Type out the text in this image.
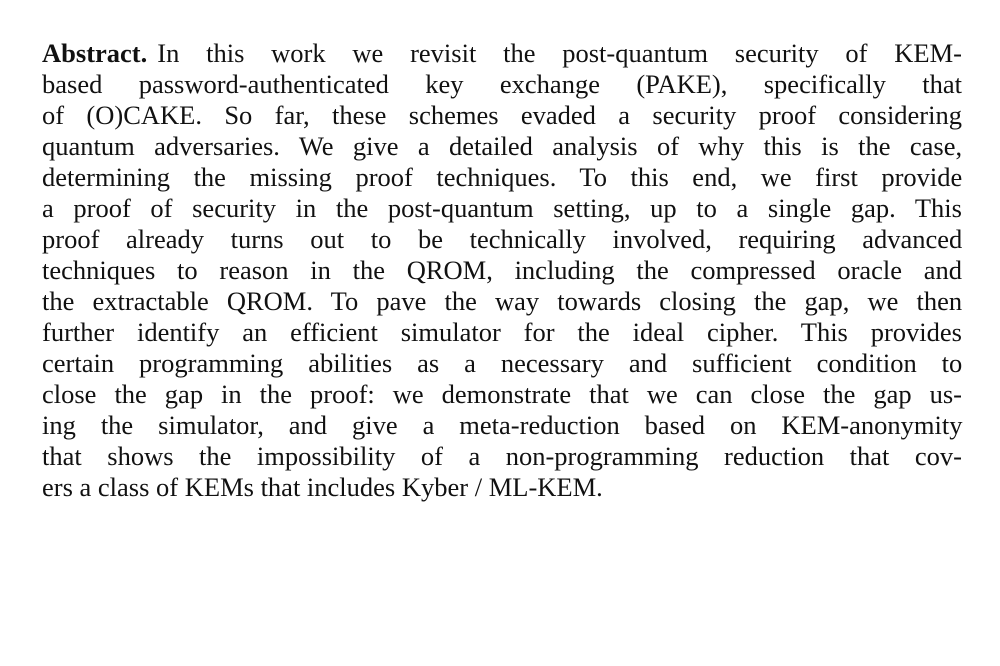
Abstract. In this work we revisit the post-quantum security of KEM-
based password-authenticated key exchange (PAKE), specifically that
of (O)CAKE. So far, these schemes evaded a security proof considering
quantum adversaries. We give a detailed analysis of why this is the case,
determining the missing proof techniques. To this end, we first provide
a proof of security in the post-quantum setting, up to a single gap. This
proof already turns out to be technically involved, requiring advanced
techniques to reason in the QROM, including the compressed oracle and
the extractable QROM. To pave the way towards closing the gap, we then
further identify an efficient simulator for the ideal cipher. This provides
certain programming abilities as a necessary and sufficient condition to
close the gap in the proof: we demonstrate that we can close the gap us-
ing the simulator, and give a meta-reduction based on KEM-anonymity
that shows the impossibility of a non-programming reduction that cov-
ers a class of KEMs that includes Kyber / ML-KEM.
